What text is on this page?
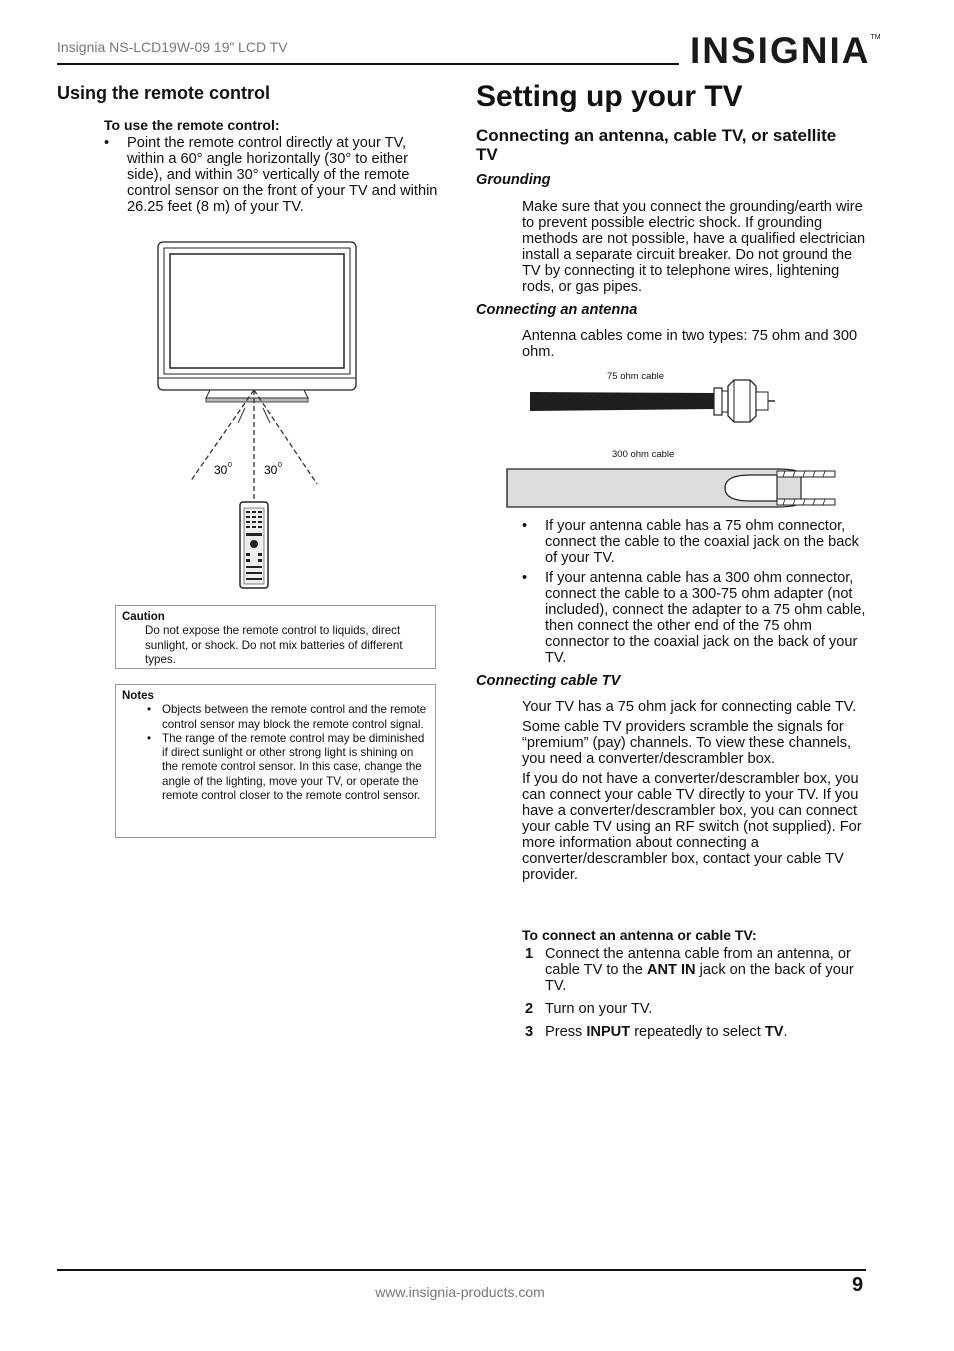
Insignia NS-LCD19W-09 19” LCD TV	INSIGNIA™
Using the remote control
To use the remote control:
• Point the remote control directly at your TV, within a 60° angle horizontally (30° to either side), and within 30° vertically of the remote control sensor on the front of your TV and within 26.25 feet (8 m) of your TV.
30 0	30 0
Caution
Do not expose the remote control to liquids, direct sunlight, or shock. Do not mix batteries of different types.
Notes
• Objects between the remote control and the remote control sensor may block the remote control signal.
• The range of the remote control may be diminished if direct sunlight or other strong light is shining on the remote control sensor. In this case, change the angle of the lighting, move your TV, or operate the remote control closer to the remote control sensor.
Setting up your TV
Connecting an antenna, cable TV, or satellite TV
Grounding
Make sure that you connect the grounding/earth wire to prevent possible electric shock. If grounding methods are not possible, have a qualified electrician install a separate circuit breaker. Do not ground the TV by connecting it to telephone wires, lightening rods, or gas pipes.
Connecting an antenna
Antenna cables come in two types: 75 ohm and 300 ohm.
75 ohm cable
300 ohm cable
• If your antenna cable has a 75 ohm connector, connect the cable to the coaxial jack on the back of your TV.
• If your antenna cable has a 300 ohm connector, connect the cable to a 300-75 ohm adapter (not included), connect the adapter to a 75 ohm cable, then connect the other end of the 75 ohm connector to the coaxial jack on the back of your TV.
Connecting cable TV

Your TV has a 75 ohm jack for connecting cable TV.

Some cable TV providers scramble the signals for “premium” (pay) channels. To view these channels, you need a converter/descrambler box.

If you do not have a converter/descrambler box, you can connect your cable TV directly to your TV. If you have a converter/descrambler box, you can connect your cable TV using an RF switch (not supplied). For more information about connecting a converter/descrambler box, contact your cable TV provider.

To connect an antenna or cable TV:
1 Connect the antenna cable from an antenna, or cable TV to the ANT IN jack on the back of your TV.
2 Turn on your TV.
3 Press INPUT repeatedly to select TV.
www.insignia-products.com	9
